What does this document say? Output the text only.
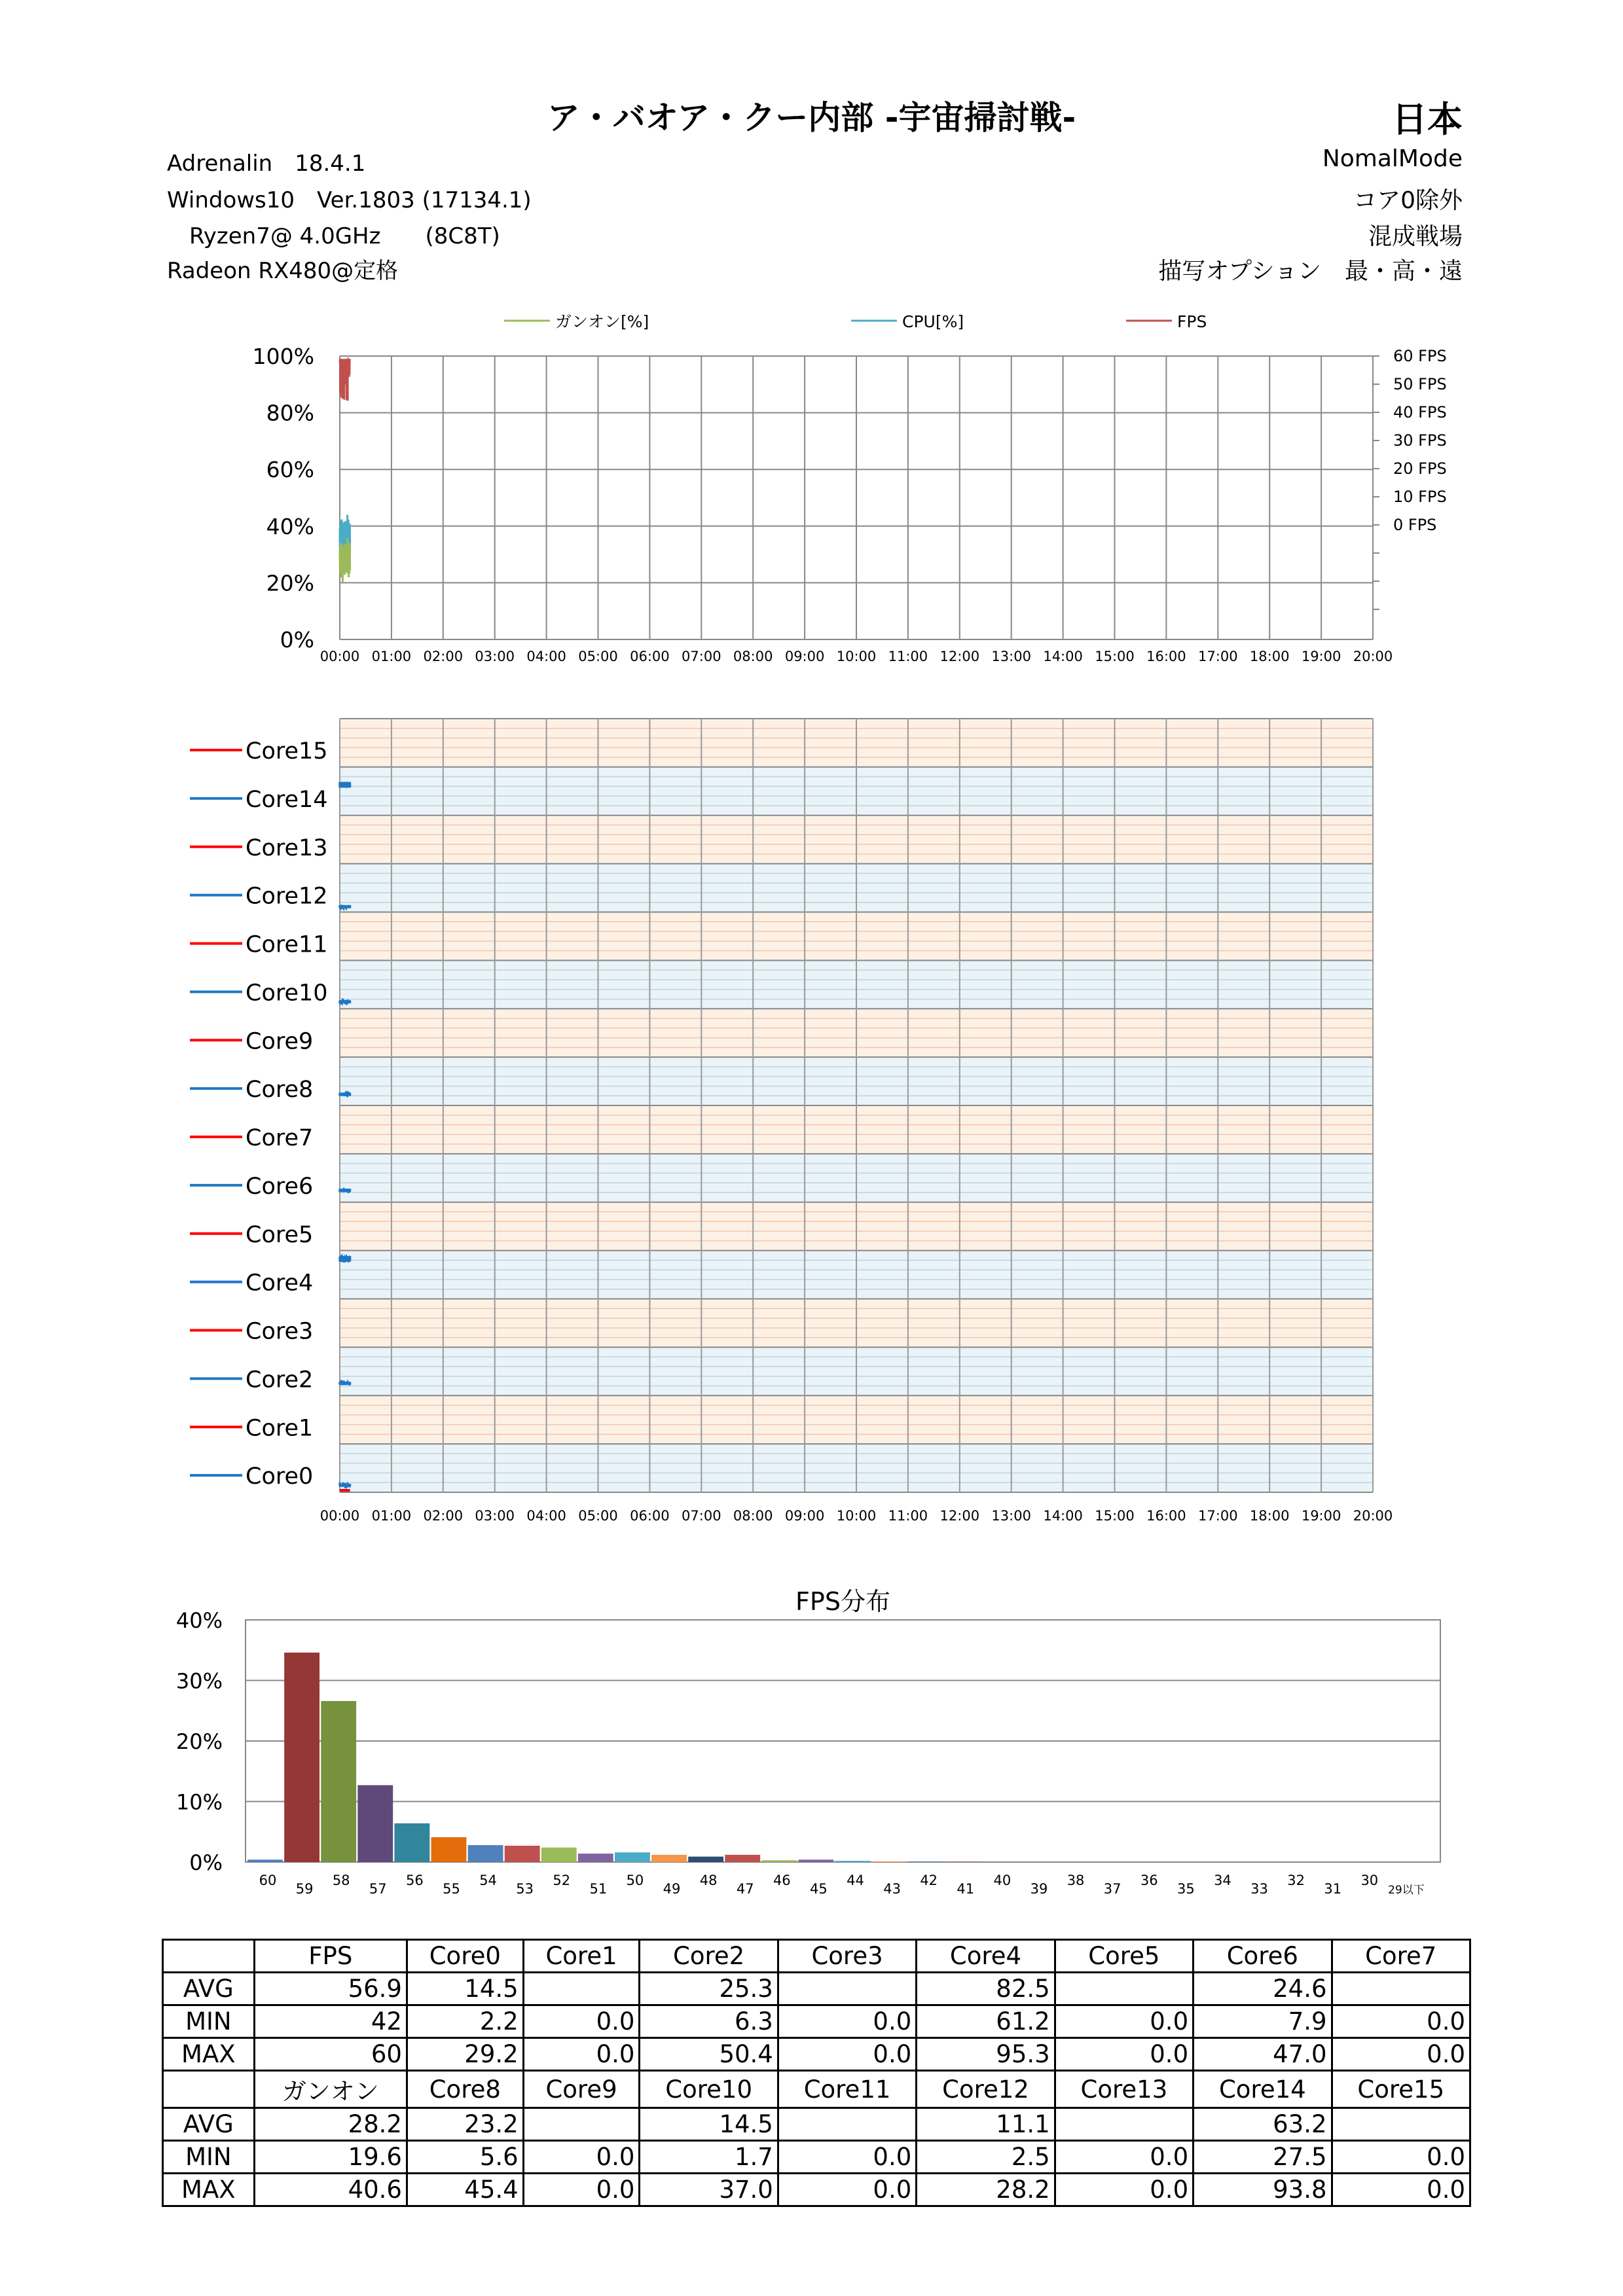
ア・バオア・クー内部 -宇宙掃討戦-	日本
Adrenalin　18.4.1
Windows10　Ver.1803 (17134.1)
　Ryzen7@ 4.0GHz　　(8C8T)
Radeon RX480@定格
NomalMode
コア0除外
混成戦場
描写オプション　最・高・遠
ガンオン[%]	CPU[%]	FPS
0%
20%
40%
60%
80%
100%
0 FPS
10 FPS
20 FPS
30 FPS
40 FPS
50 FPS
60 FPS
00:00 01:00 02:00 03:00 04:00 05:00 06:00 07:00 08:00 09:00 10:00 11:00 12:00 13:00 14:00 15:00 16:00 17:00 18:00 19:00 20:00
Core15
Core14
Core13
Core12
Core11
Core10
Core9
Core8
Core7
Core6
Core5
Core4
Core3
Core2
Core1
Core0
00:00 01:00 02:00 03:00 04:00 05:00 06:00 07:00 08:00 09:00 10:00 11:00 12:00 13:00 14:00 15:00 16:00 17:00 18:00 19:00 20:00
FPS分布
0%
10%
20%
30%
40%
60
59
58
57
56
55
54
53
52
51
50
49
48
47
46
45
44
43
42
41
40
39
38
37
36
35
34
33
32
31
30
29以下
	FPS	Core0	Core1	Core2	Core3	Core4	Core5	Core6	Core7
AVG	56.9	14.5		25.3		82.5		24.6	
MIN	42	2.2	0.0	6.3	0.0	61.2	0.0	7.9	0.0
MAX	60	29.2	0.0	50.4	0.0	95.3	0.0	47.0	0.0
	ガンオン	Core8	Core9	Core10	Core11	Core12	Core13	Core14	Core15
AVG	28.2	23.2		14.5		11.1		63.2	
MIN	19.6	5.6	0.0	1.7	0.0	2.5	0.0	27.5	0.0
MAX	40.6	45.4	0.0	37.0	0.0	28.2	0.0	93.8	0.0
